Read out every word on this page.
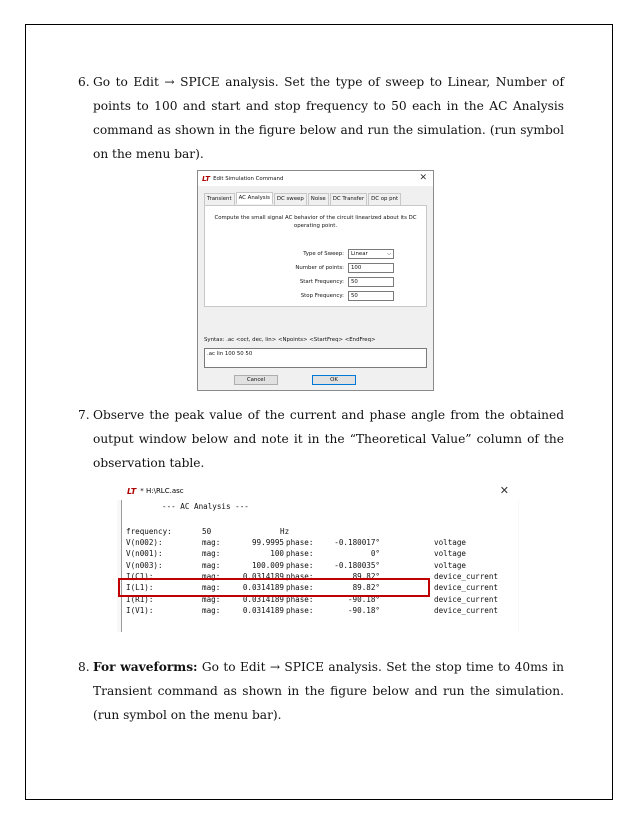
6. Go to Edit → SPICE analysis. Set the type of sweep to Linear, Number of points to 100 and start and stop frequency to 50 each in the AC Analysis command as shown in the figure below and run the simulation. (run symbol on the menu bar).
LT Edit Simulation Command	✕
Transient	AC Analysis	DC sweep	Noise	DC Transfer	DC op pnt
Compute the small signal AC behavior of the circuit linearized about its DC operating point.
Type of Sweep:	Linear	⌵
Number of points:	100
Start Frequency:	50
Stop Frequency:	50
Syntax: .ac <oct, dec, lin> <Npoints> <StartFreq> <EndFreq>
.ac lin 100 50 50
Cancel	OK
7. Observe the peak value of the current and phase angle from the obtained output window below and note it in the “Theoretical Value” column of the observation table.
LT * H:\RLC.asc	✕
--- AC Analysis ---
frequency:	50	Hz
V(n002):	mag:	99.9995 phase:	-0.180017°	voltage
V(n001):	mag:	100 phase:	0°	voltage
V(n003):	mag:	100.009 phase:	-0.180035°	voltage
I(C1):	mag:	0.0314189 phase:	89.82°	device_current
I(L1):	mag:	0.0314189 phase:	89.82°	device_current
I(R1):	mag:	0.0314189 phase:	-90.18°	device_current
I(V1):	mag:	0.0314189 phase:	-90.18°	device_current
8. For waveforms: Go to Edit → SPICE analysis. Set the stop time to 40ms in Transient command as shown in the figure below and run the simulation. (run symbol on the menu bar).
